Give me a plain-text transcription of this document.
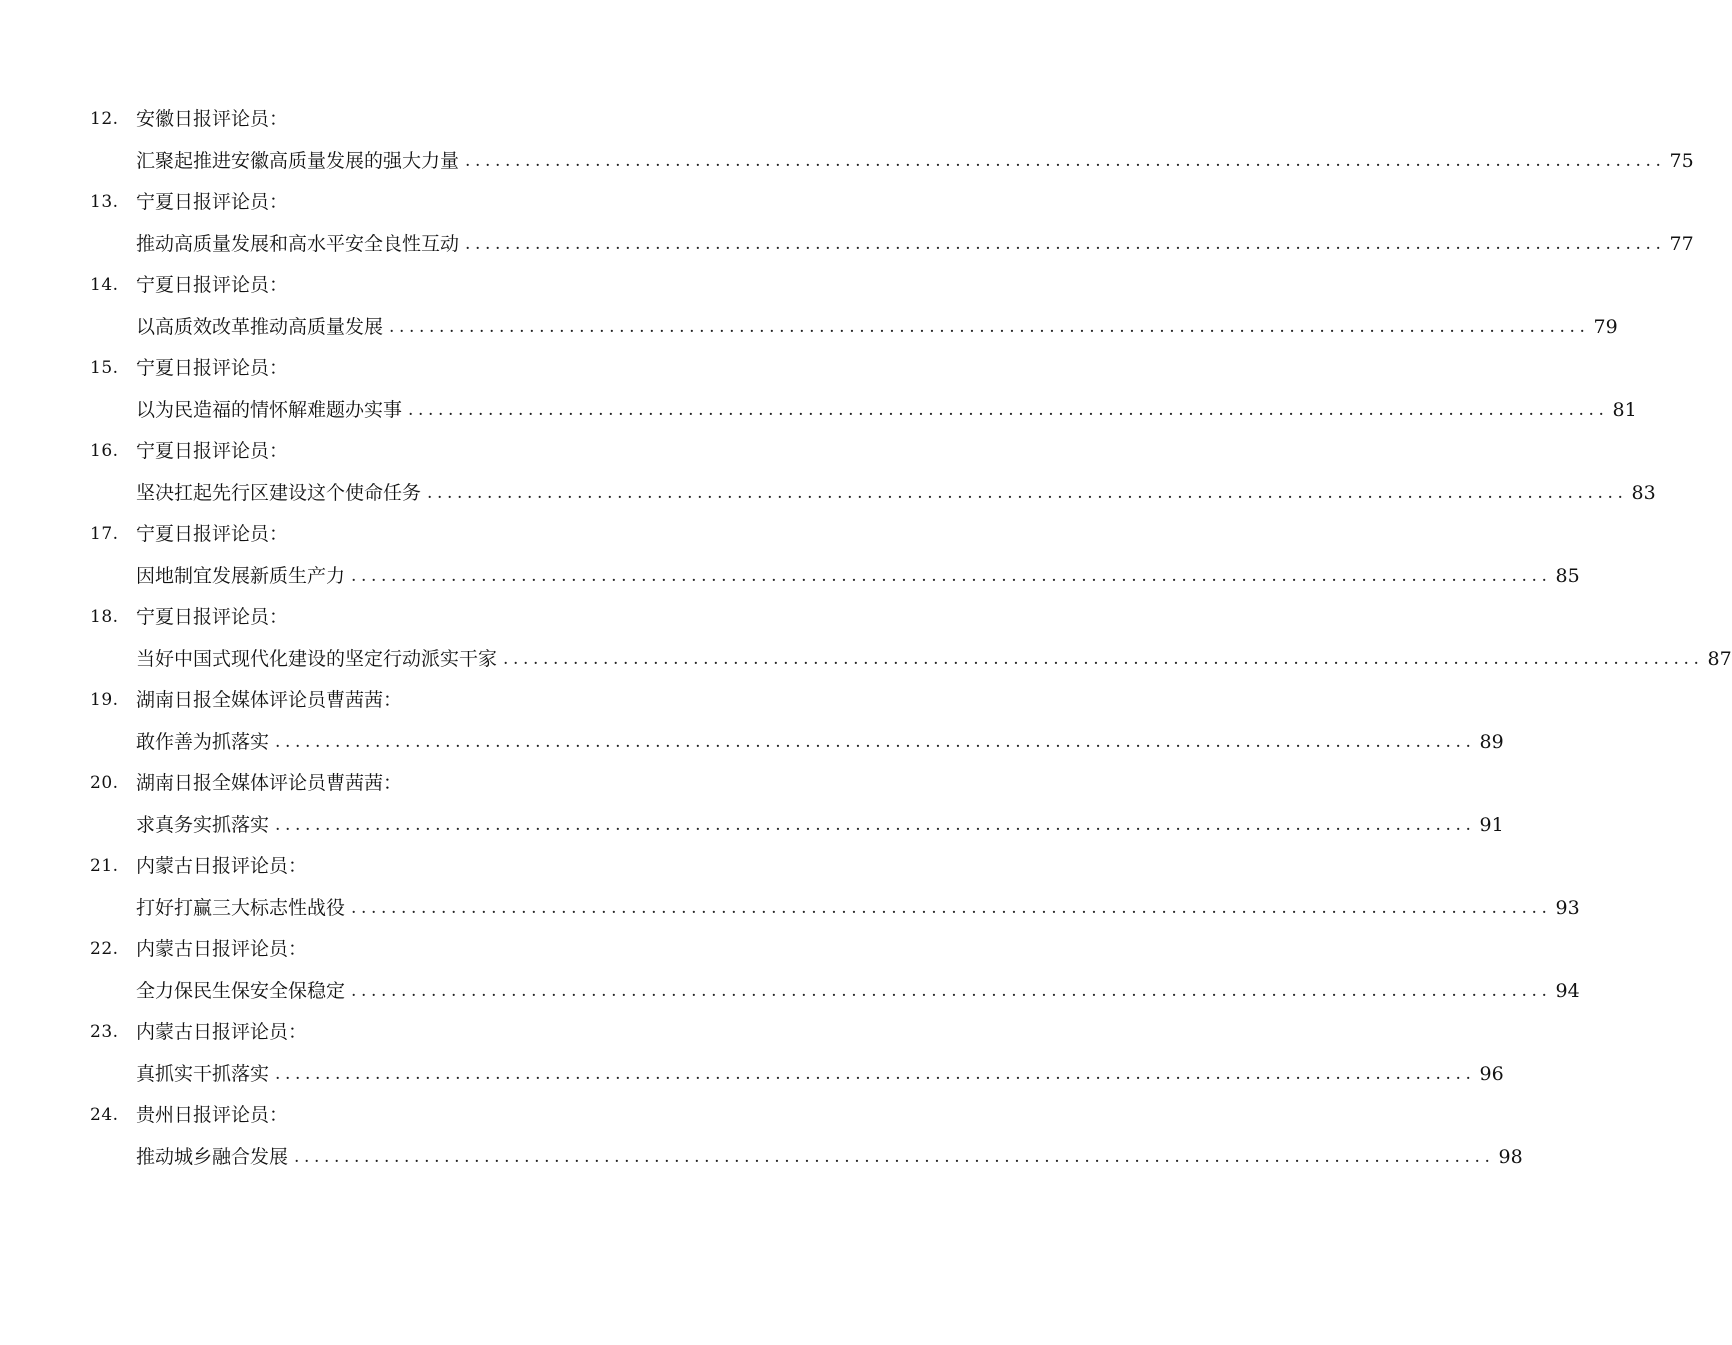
12. 安徽日报评论员：
汇聚起推进安徽高质量发展的强大力量 ........................................................................................................................ 75
13. 宁夏日报评论员：
推动高质量发展和高水平安全良性互动 ........................................................................................................................ 77
14. 宁夏日报评论员：
以高质效改革推动高质量发展 ........................................................................................................................ 79
15. 宁夏日报评论员：
以为民造福的情怀解难题办实事 ........................................................................................................................ 81
16. 宁夏日报评论员：
坚决扛起先行区建设这个使命任务 ........................................................................................................................ 83
17. 宁夏日报评论员：
因地制宜发展新质生产力 ........................................................................................................................ 85
18. 宁夏日报评论员：
当好中国式现代化建设的坚定行动派实干家 ........................................................................................................................ 87
19. 湖南日报全媒体评论员曹茜茜：
敢作善为抓落实 ........................................................................................................................ 89
20. 湖南日报全媒体评论员曹茜茜：
求真务实抓落实 ........................................................................................................................ 91
21. 内蒙古日报评论员：
打好打赢三大标志性战役 ........................................................................................................................ 93
22. 内蒙古日报评论员：
全力保民生保安全保稳定 ........................................................................................................................ 94
23. 内蒙古日报评论员：
真抓实干抓落实 ........................................................................................................................ 96
24. 贵州日报评论员：
推动城乡融合发展 ........................................................................................................................ 98
